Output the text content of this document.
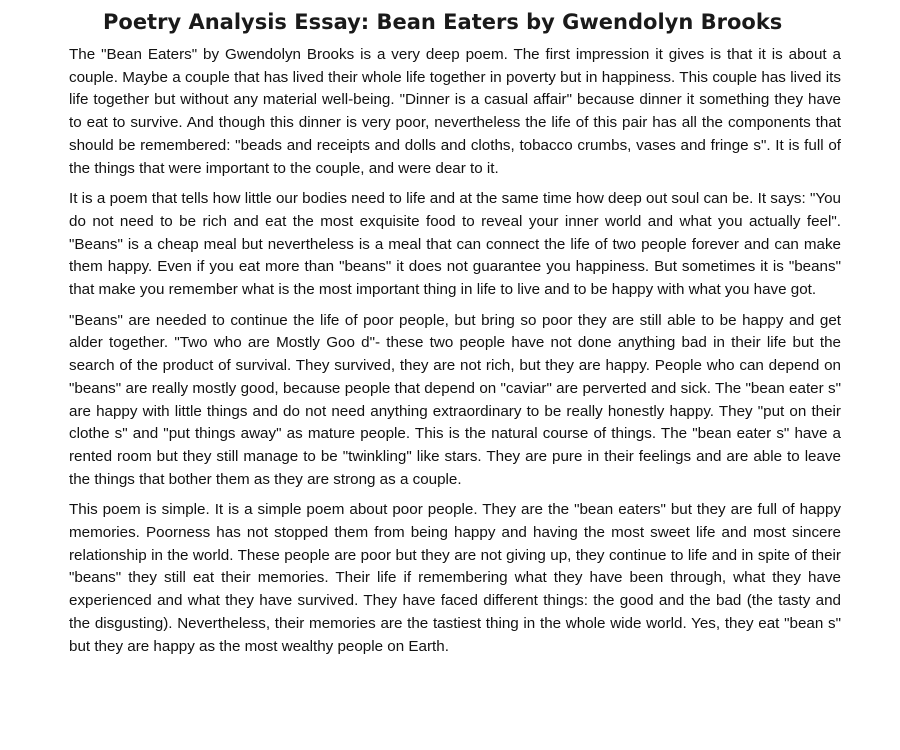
Poetry Analysis Essay: Bean Eaters by Gwendolyn Brooks

The "Bean Eaters" by Gwendolyn Brooks is a very deep poem. The first impression it gives is that it is about a couple. Maybe a couple that has lived their whole life together in poverty but in happiness. This couple has lived its life together but without any material well-being. "Dinner is a casual affair" because dinner it something they have to eat to survive. And though this dinner is very poor, nevertheless the life of this pair has all the components that should be remembered: "beads and receipts and dolls and cloths, tobacco crumbs, vases and fringe s". It is full of the things that were important to the couple, and were dear to it.

It is a poem that tells how little our bodies need to life and at the same time how deep out soul can be. It says: "You do not need to be rich and eat the most exquisite food to reveal your inner world and what you actually feel". "Beans" is a cheap meal but nevertheless is a meal that can connect the life of two people forever and can make them happy. Even if you eat more than "beans" it does not guarantee you happiness. But sometimes it is "beans" that make you remember what is the most important thing in life to live and to be happy with what you have got.

"Beans" are needed to continue the life of poor people, but bring so poor they are still able to be happy and get alder together. "Two who are Mostly Goo d"- these two people have not done anything bad in their life but the search of the product of survival. They survived, they are not rich, but they are happy. People who can depend on "beans" are really mostly good, because people that depend on "caviar" are perverted and sick. The "bean eater s" are happy with little things and do not need anything extraordinary to be really honestly happy. They "put on their clothe s" and "put things away" as mature people. This is the natural course of things. The "bean eater s" have a rented room but they still manage to be "twinkling" like stars. They are pure in their feelings and are able to leave the things that bother them as they are strong as a couple.

This poem is simple. It is a simple poem about poor people. They are the "bean eaters" but they are full of happy memories. Poorness has not stopped them from being happy and having the most sweet life and most sincere relationship in the world. These people are poor but they are not giving up, they continue to life and in spite of their "beans" they still eat their memories. Their life if remembering what they have been through, what they have experienced and what they have survived. They have faced different things: the good and the bad (the tasty and the disgusting). Nevertheless, their memories are the tastiest thing in the whole wide world. Yes, they eat "bean s" but they are happy as the most wealthy people on Earth.
